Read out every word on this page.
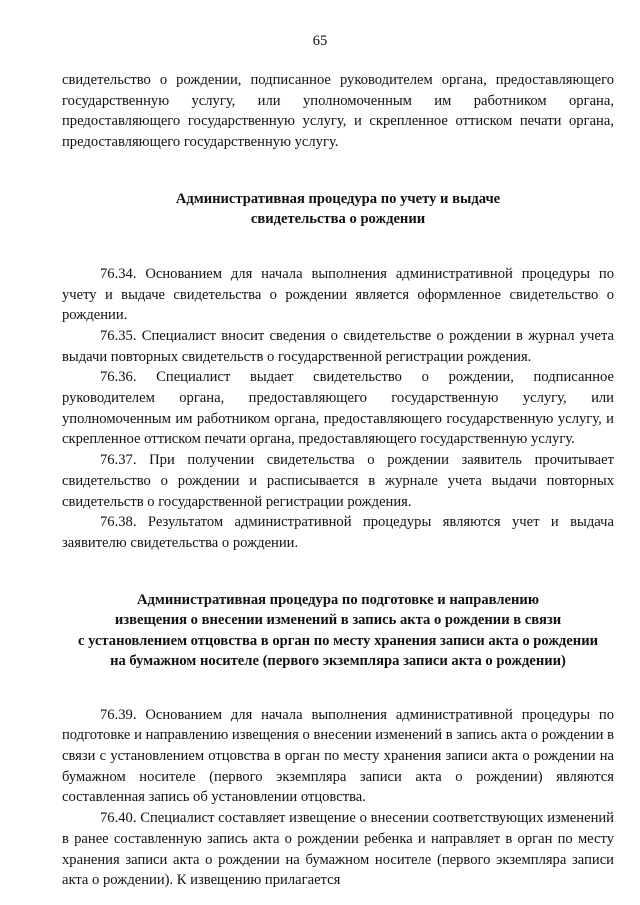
65

свидетельство о рождении, подписанное руководителем органа, предоставляющего государственную услугу, или уполномоченным им работником органа, предоставляющего государственную услугу, и скрепленное оттиском печати органа, предоставляющего государственную услугу.

Административная процедура по учету и выдаче
свидетельства о рождении

76.34. Основанием для начала выполнения административной процедуры по учету и выдаче свидетельства о рождении является оформленное свидетельство о рождении.

76.35. Специалист вносит сведения о свидетельстве о рождении в журнал учета выдачи повторных свидетельств о государственной регистрации рождения.

76.36. Специалист выдает свидетельство о рождении, подписанное руководителем органа, предоставляющего государственную услугу, или уполномоченным им работником органа, предоставляющего государственную услугу, и скрепленное оттиском печати органа, предоставляющего государственную услугу.

76.37. При получении свидетельства о рождении заявитель прочитывает свидетельство о рождении и расписывается в журнале учета выдачи повторных свидетельств о государственной регистрации рождения.

76.38. Результатом административной процедуры являются учет и выдача заявителю свидетельства о рождении.

Административная процедура по подготовке и направлению
извещения о внесении изменений в запись акта о рождении в связи
с установлением отцовства в орган по месту хранения записи акта о рождении
на бумажном носителе (первого экземпляра записи акта о рождении)

76.39. Основанием для начала выполнения административной процедуры по подготовке и направлению извещения о внесении изменений в запись акта о рождении в связи с установлением отцовства в орган по месту хранения записи акта о рождении на бумажном носителе (первого экземпляра записи акта о рождении) являются составленная запись об установлении отцовства.

76.40. Специалист составляет извещение о внесении соответствующих изменений в ранее составленную запись акта о рождении ребенка и направляет в орган по месту хранения записи акта о рождении на бумажном носителе (первого экземпляра записи акта о рождении). К извещению прилагается
